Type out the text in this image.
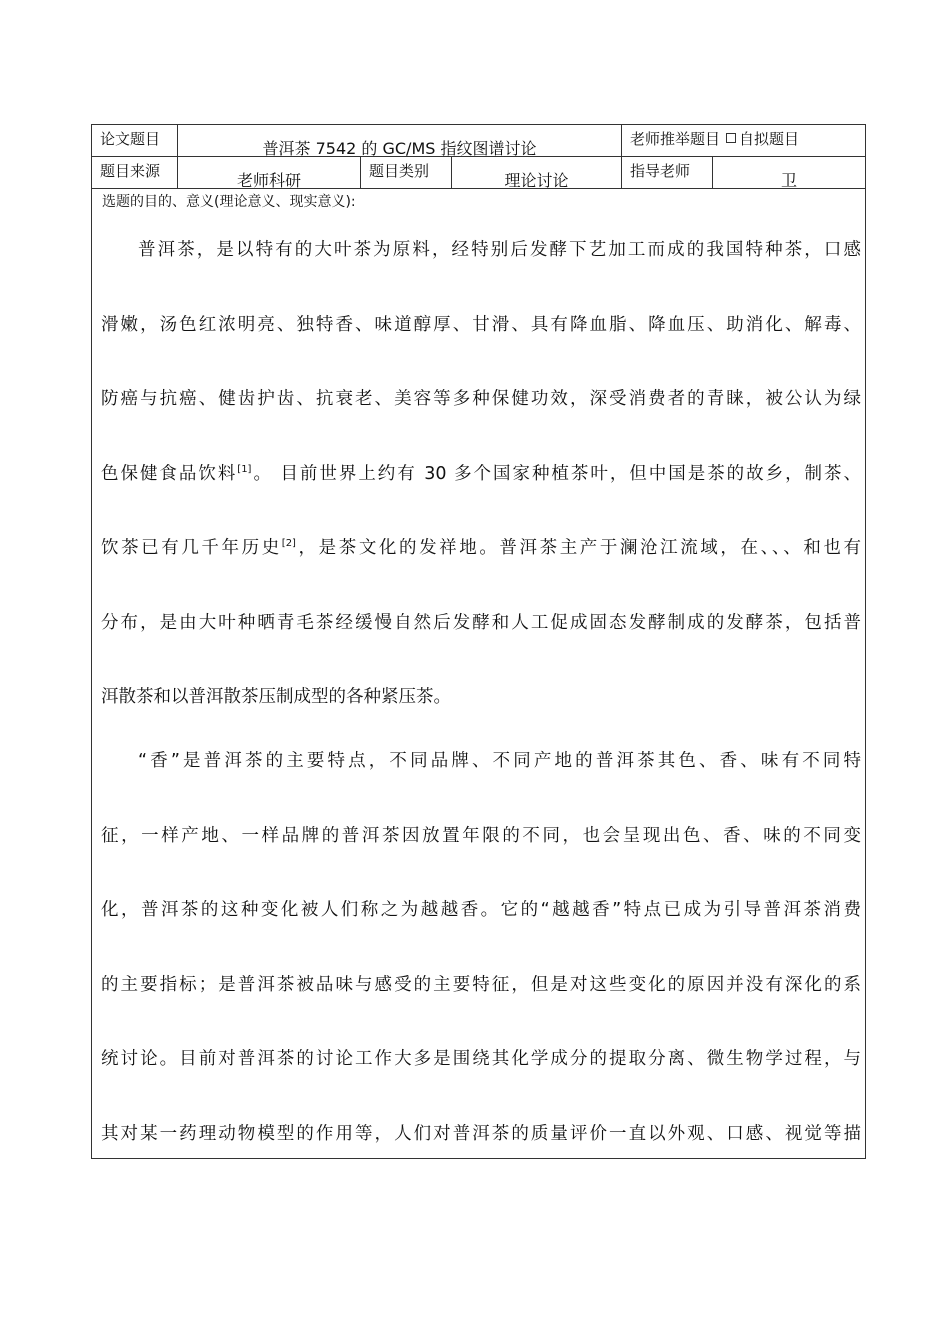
论文题目	普洱茶 7542 的 GC/MS 指纹图谱讨论	老师推举题目 自拟题目
题目来源	老师科研	题目类别	理论讨论	指导老师	卫
选题的目的、意义(理论意义、现实意义):
普洱茶，是以特有的大叶茶为原料，经特别后发酵下艺加工而成的我国特种茶，口感
滑嫩，汤色红浓明亮、独特香、味道醇厚、甘滑、具有降血脂、降血压、助消化、解毒、
防癌与抗癌、健齿护齿、抗衰老、美容等多种保健功效，深受消费者的青睐，被公认为绿
色保健食品饮料[1]。 目前世界上约有 30 多个国家种植茶叶，但中国是茶的故乡，制茶、
饮茶已有几千年历史[2]，是茶文化的发祥地。普洱茶主产于澜沧江流域，在、、、和也有
分布，是由大叶种晒青毛茶经缓慢自然后发酵和人工促成固态发酵制成的发酵茶，包括普
洱散茶和以普洱散茶压制成型的各种紧压茶。
“香”是普洱茶的主要特点，不同品牌、不同产地的普洱茶其色、香、味有不同特
征，一样产地、一样品牌的普洱茶因放置年限的不同，也会呈现出色、香、味的不同变
化，普洱茶的这种变化被人们称之为越越香。它的“越越香”特点已成为引导普洱茶消费
的主要指标；是普洱茶被品味与感受的主要特征，但是对这些变化的原因并没有深化的系
统讨论。目前对普洱茶的讨论工作大多是围绕其化学成分的提取分离、微生物学过程，与
其对某一药理动物模型的作用等，人们对普洱茶的质量评价一直以外观、口感、视觉等描
